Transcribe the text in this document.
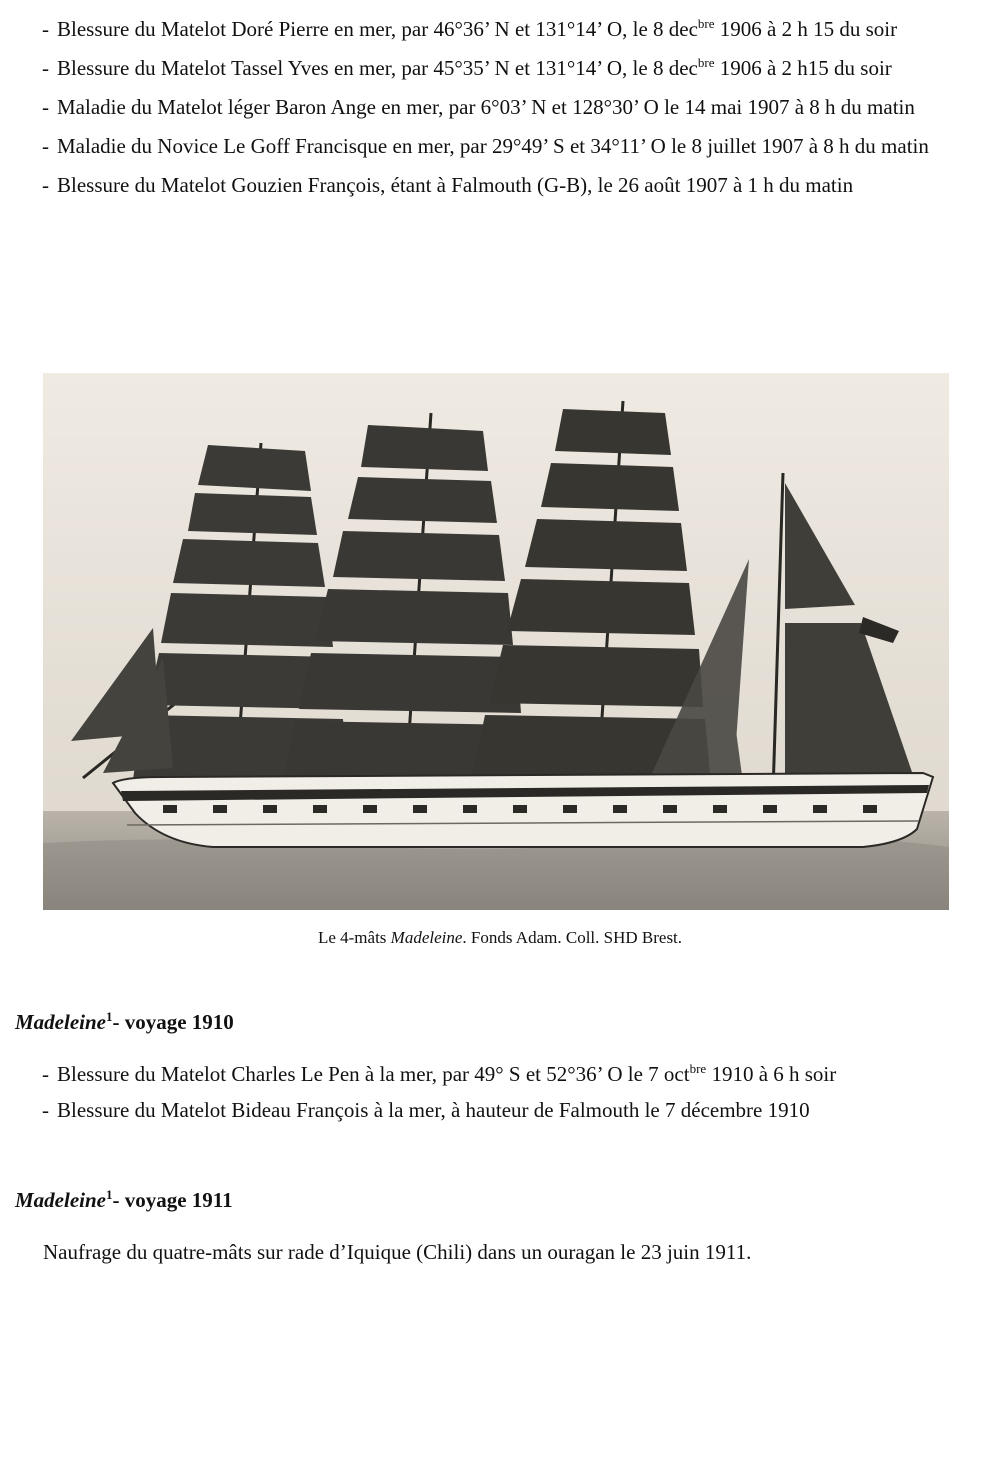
- Blessure du Matelot Doré Pierre en mer, par 46°36’ N et 131°14’ O, le 8 dec$^{bre}$ 1906 à 2 h 15 du soir
- Blessure du Matelot Tassel Yves en mer, par 45°35’ N et 131°14’ O, le 8 dec$^{bre}$ 1906 à 2 h15 du soir
- Maladie du Matelot léger Baron Ange en mer, par 6°03’ N et 128°30’ O le 14 mai 1907 à 8 h du matin
- Maladie du Novice Le Goff Francisque en mer, par 29°49’ S et 34°11’ O le 8 juillet 1907 à 8 h du matin
- Blessure du Matelot Gouzien François, étant à Falmouth (G-B), le 26 août 1907 à 1 h du matin
Le 4-mâts Madeleine. Fonds Adam. Coll. SHD Brest.
Madeleine$^1$- voyage 1910
- Blessure du Matelot Charles Le Pen à la mer, par 49° S et 52°36’ O le 7 oct$^{bre}$ 1910 à 6 h soir
- Blessure du Matelot Bideau François à la mer, à hauteur de Falmouth le 7 décembre 1910
Madeleine$^1$- voyage 1911
Naufrage du quatre-mâts sur rade d’Iquique (Chili) dans un ouragan le 23 juin 1911.
